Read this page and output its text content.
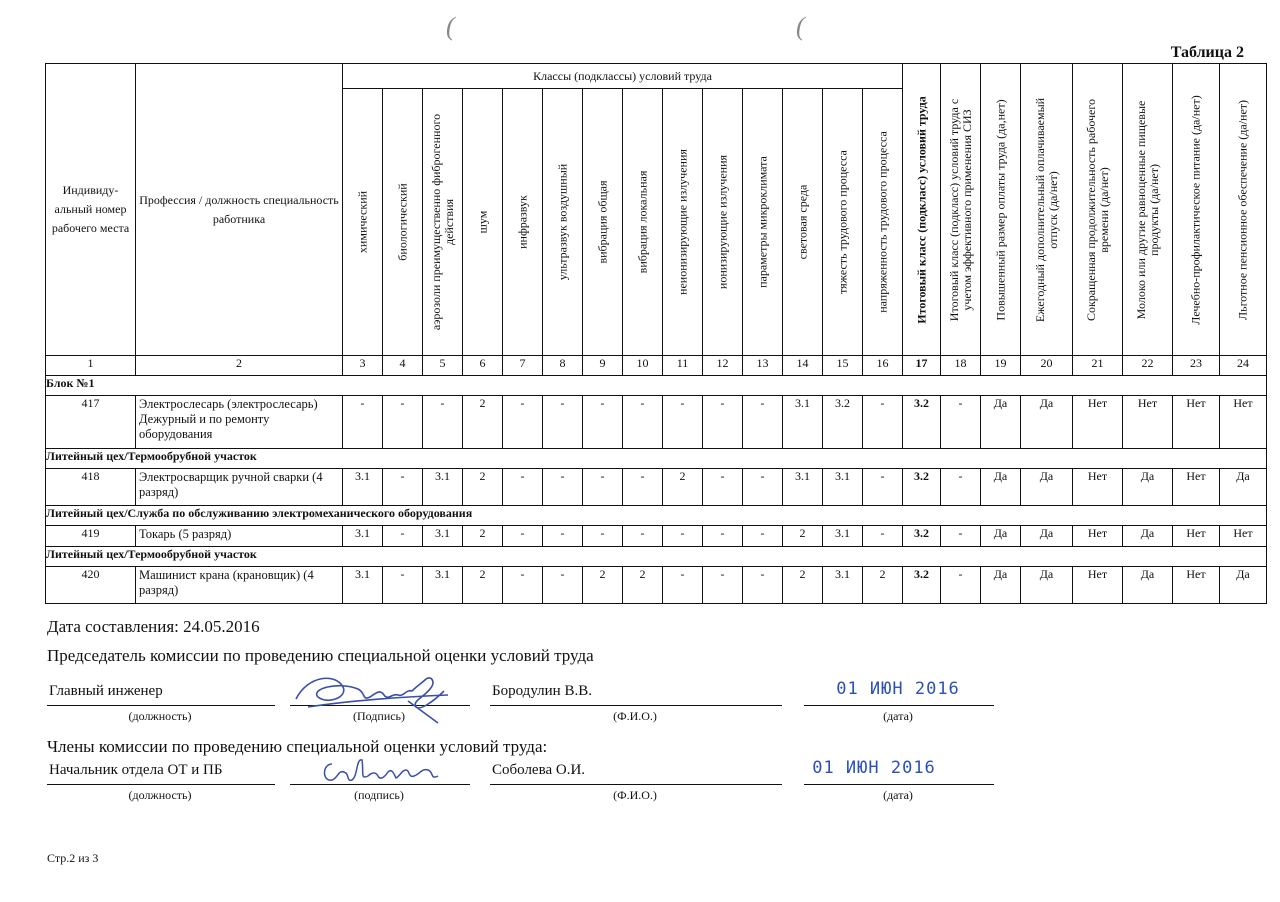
(	(
Таблица 2
Индивиду-альный номер рабочего места	Профессия / должность специальность работника	Классы (подклассы) условий труда														Итоговый класс (подкласс) условий труда	Итоговый класс (подкласс) условий труда с учетом эффективного применения СИЗ	Повышенный размер оплаты труда (да,нет)	Ежегодный дополнительный оплачиваемый отпуск (да/нет)	Сокращенная продолжительность рабочего времени (да/нет)	Молоко или другие равноценные пищевые продукты (да/нет)	Лечебно-профилактическое питание (да/нет)	Льготное пенсионное обеспечение (да/нет)

		химический	биологический	аэрозоли преимущественно фиброгенного действия	шум	инфразвук	ультразвук воздушный	вибрация общая	вибрация локальная	неионизирующие излучения	ионизирующие излучения	параметры микроклимата	световая среда	тяжесть трудового процесса	напряженность трудового процесса								

1	2	3	4	5	6	7	8	9	10	11	12	13	14	15	16	17	18	19	20	21	22	23	24
Блок №1																							
417	Электрослесарь (электрослесарь) Дежурный и по ремонту оборудования	-	-	-	2	-	-	-	-	-	-	-	3.1	3.2	-	3.2	-	Да	Да	Нет	Нет	Нет	Нет
Литейный цех/Термообрубной участок																							
418	Электросварщик ручной сварки (4 разряд)	3.1	-	3.1	2	-	-	-	-	2	-	-	3.1	3.1	-	3.2	-	Да	Да	Нет	Да	Нет	Да
Литейный цех/Служба по обслуживанию электромеханического оборудования																							
419	Токарь (5 разряд)	3.1	-	3.1	2	-	-	-	-	-	-	-	2	3.1	-	3.2	-	Да	Да	Нет	Да	Нет	Нет
Литейный цех/Термообрубной участок																							
420	Машинист крана (крановщик) (4 разряд)	3.1	-	3.1	2	-	-	2	2	-	-	-	2	3.1	2	3.2	-	Да	Да	Нет	Да	Нет	Да
Дата составления: 24.05.2016
Председатель комиссии по проведению специальной оценки условий труда
Главный инженер	Бородулин В.В.	01 ИЮН 2016
(должность)	(Подпись)	(Ф.И.О.)	(дата)
Члены комиссии по проведению специальной оценки условий труда:
Начальник отдела ОТ и ПБ	Соболева О.И.	01 ИЮН 2016
(должность)	(подпись)	(Ф.И.О.)	(дата)
Стр.2 из 3
